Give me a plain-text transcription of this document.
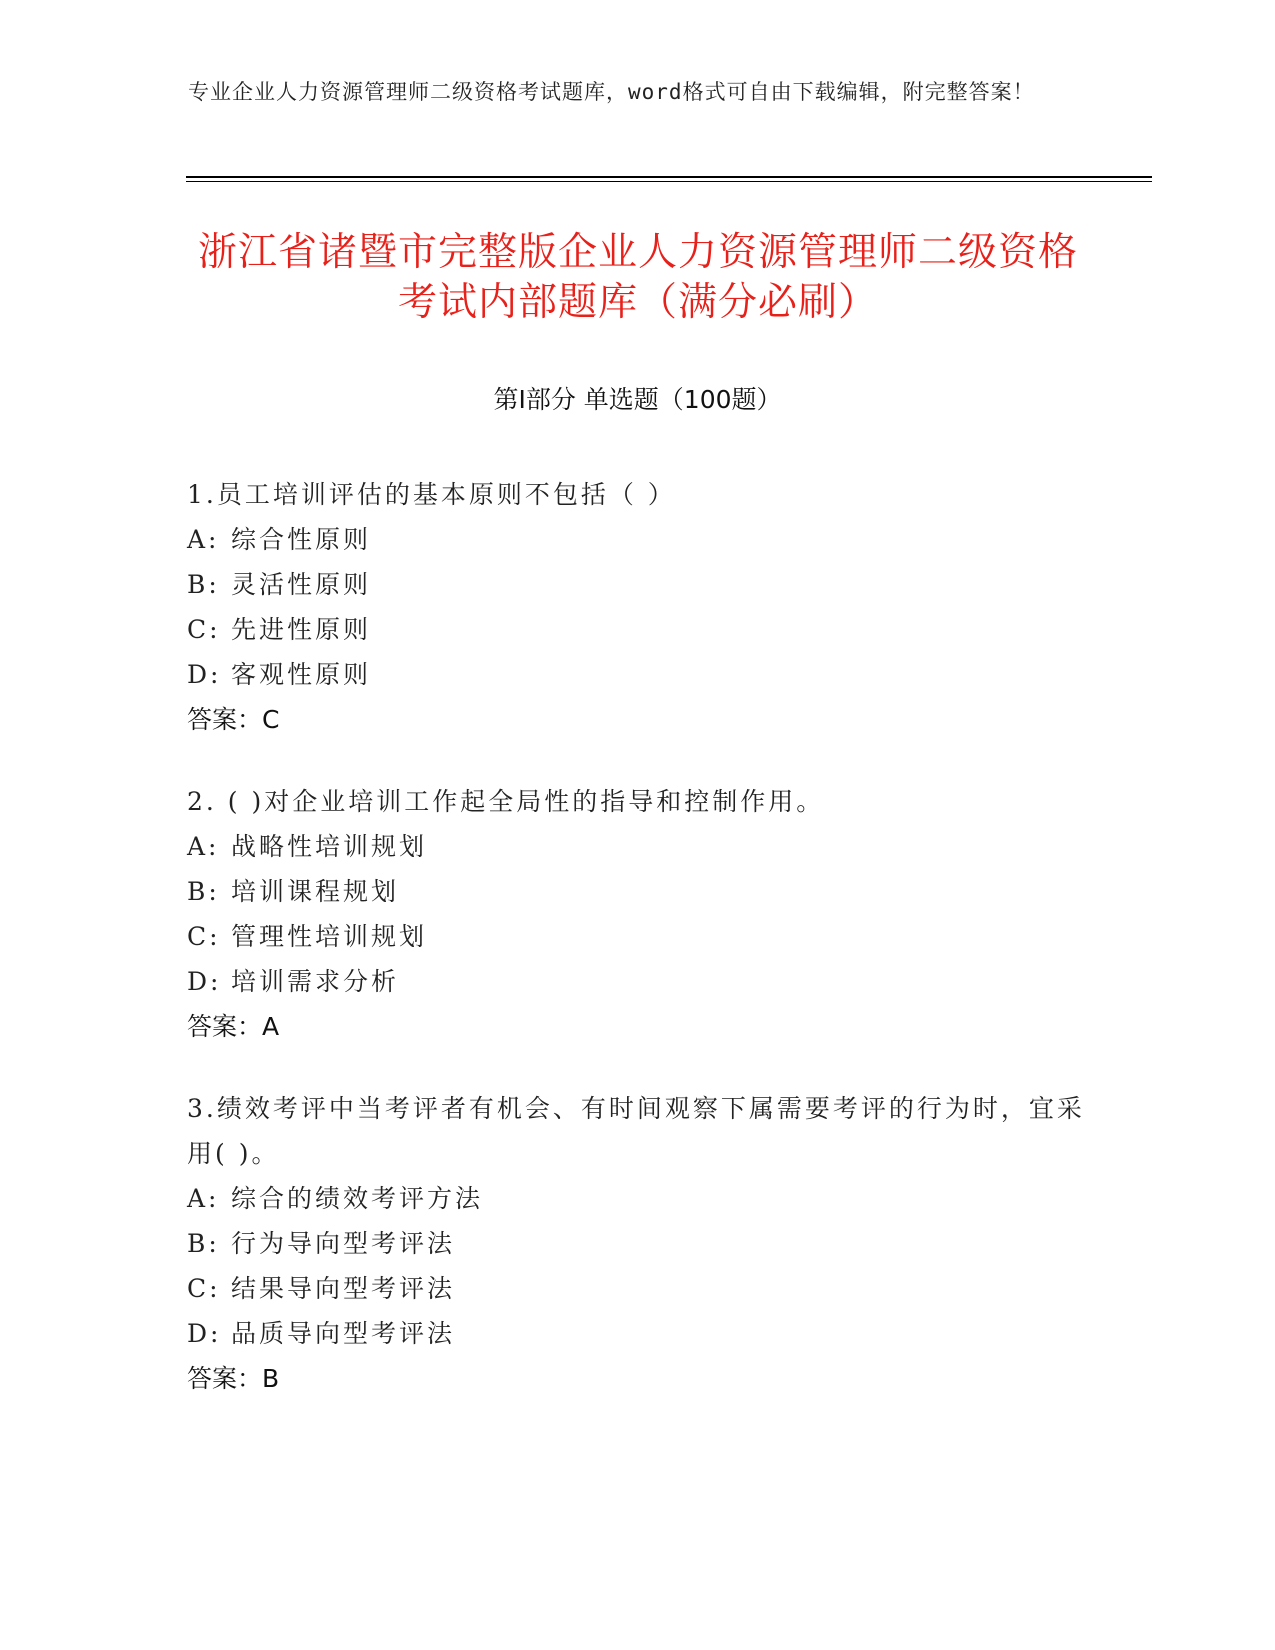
专业企业人力资源管理师二级资格考试题库，word格式可自由下载编辑，附完整答案！
浙江省诸暨市完整版企业人力资源管理师二级资格考试内部题库（满分必刷）
第Ⅰ部分 单选题（100题）
1.员工培训评估的基本原则不包括（ ）
A: 综合性原则
B: 灵活性原则
C: 先进性原则
D: 客观性原则
答案：C
2. ( )对企业培训工作起全局性的指导和控制作用。
A: 战略性培训规划
B: 培训课程规划
C: 管理性培训规划
D: 培训需求分析
答案：A
3.绩效考评中当考评者有机会、有时间观察下属需要考评的行为时，宜采用( )。
A: 综合的绩效考评方法
B: 行为导向型考评法
C: 结果导向型考评法
D: 品质导向型考评法
答案：B
